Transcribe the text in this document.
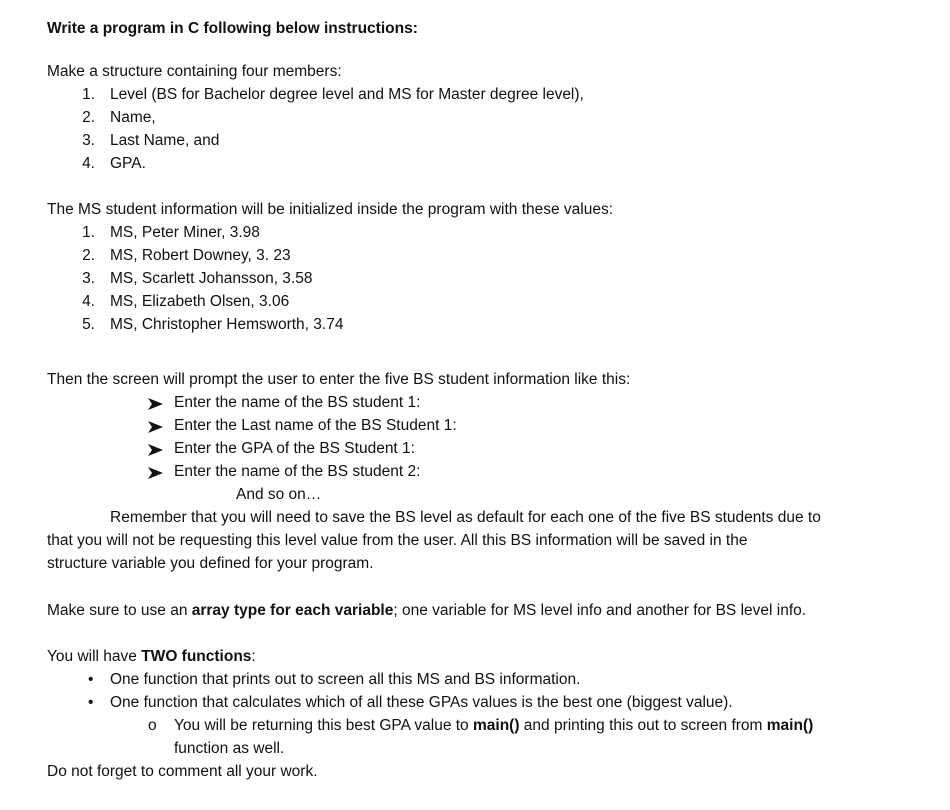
Write a program in C following below instructions:
Make a structure containing four members:
1. Level (BS for Bachelor degree level and MS for Master degree level),
2. Name,
3. Last Name, and
4. GPA.
The MS student information will be initialized inside the program with these values:
1. MS, Peter Miner, 3.98
2. MS, Robert Downey, 3. 23
3. MS, Scarlett Johansson, 3.58
4. MS, Elizabeth Olsen, 3.06
5. MS, Christopher Hemsworth, 3.74
Then the screen will prompt the user to enter the five BS student information like this:
Enter the name of the BS student 1:
Enter the Last name of the BS Student 1:
Enter the GPA of the BS Student 1:
Enter the name of the BS student 2:
And so on…
Remember that you will need to save the BS level as default for each one of the five BS students due to
that you will not be requesting this level value from the user. All this BS information will be saved in the
structure variable you defined for your program.
Make sure to use an array type for each variable; one variable for MS level info and another for BS level info.
You will have TWO functions:
• One function that prints out to screen all this MS and BS information.
• One function that calculates which of all these GPAs values is the best one (biggest value).
o You will be returning this best GPA value to main() and printing this out to screen from main()
function as well.
Do not forget to comment all your work.
